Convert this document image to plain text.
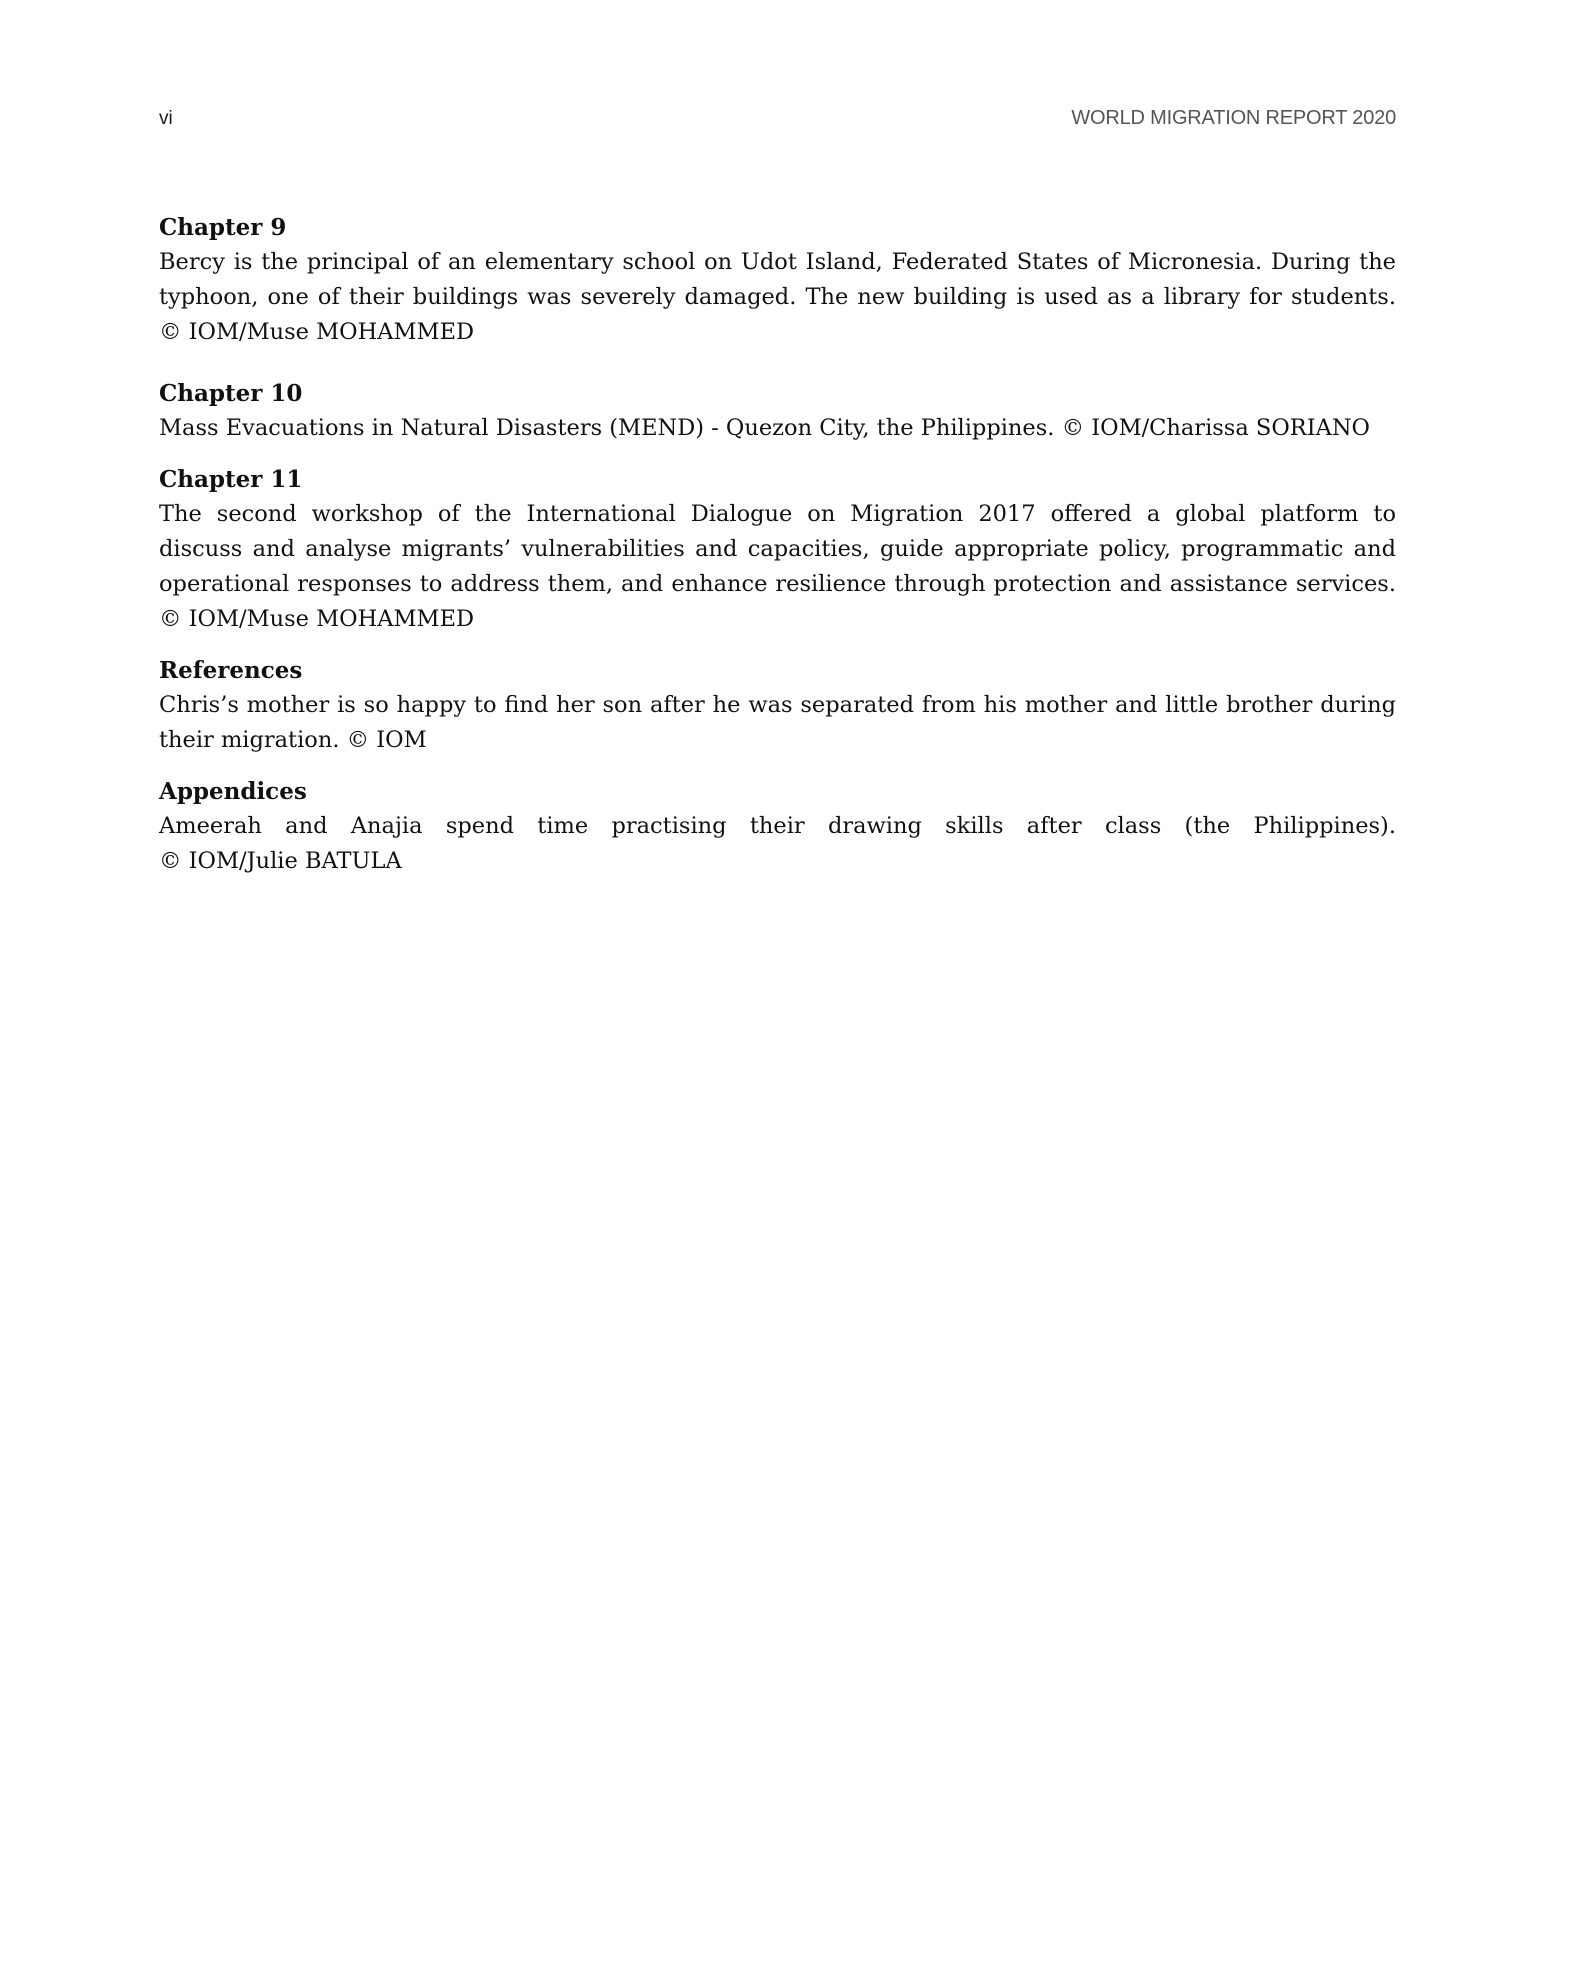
vi	WORLD MIGRATION REPORT 2020

Chapter 9

Bercy is the principal of an elementary school on Udot Island, Federated States of Micronesia. During the
typhoon, one of their buildings was severely damaged. The new building is used as a library for students.
© IOM/Muse MOHAMMED

Chapter 10

Mass Evacuations in Natural Disasters (MEND) - Quezon City, the Philippines. © IOM/Charissa SORIANO

Chapter 11

The second workshop of the International Dialogue on Migration 2017 offered a global platform to
discuss and analyse migrants’ vulnerabilities and capacities, guide appropriate policy, programmatic and
operational responses to address them, and enhance resilience through protection and assistance services.
© IOM/Muse MOHAMMED

References

Chris’s mother is so happy to find her son after he was separated from his mother and little brother during
their migration. © IOM

Appendices

Ameerah and Anajia spend time practising their drawing skills after class (the Philippines).
© IOM/Julie BATULA
